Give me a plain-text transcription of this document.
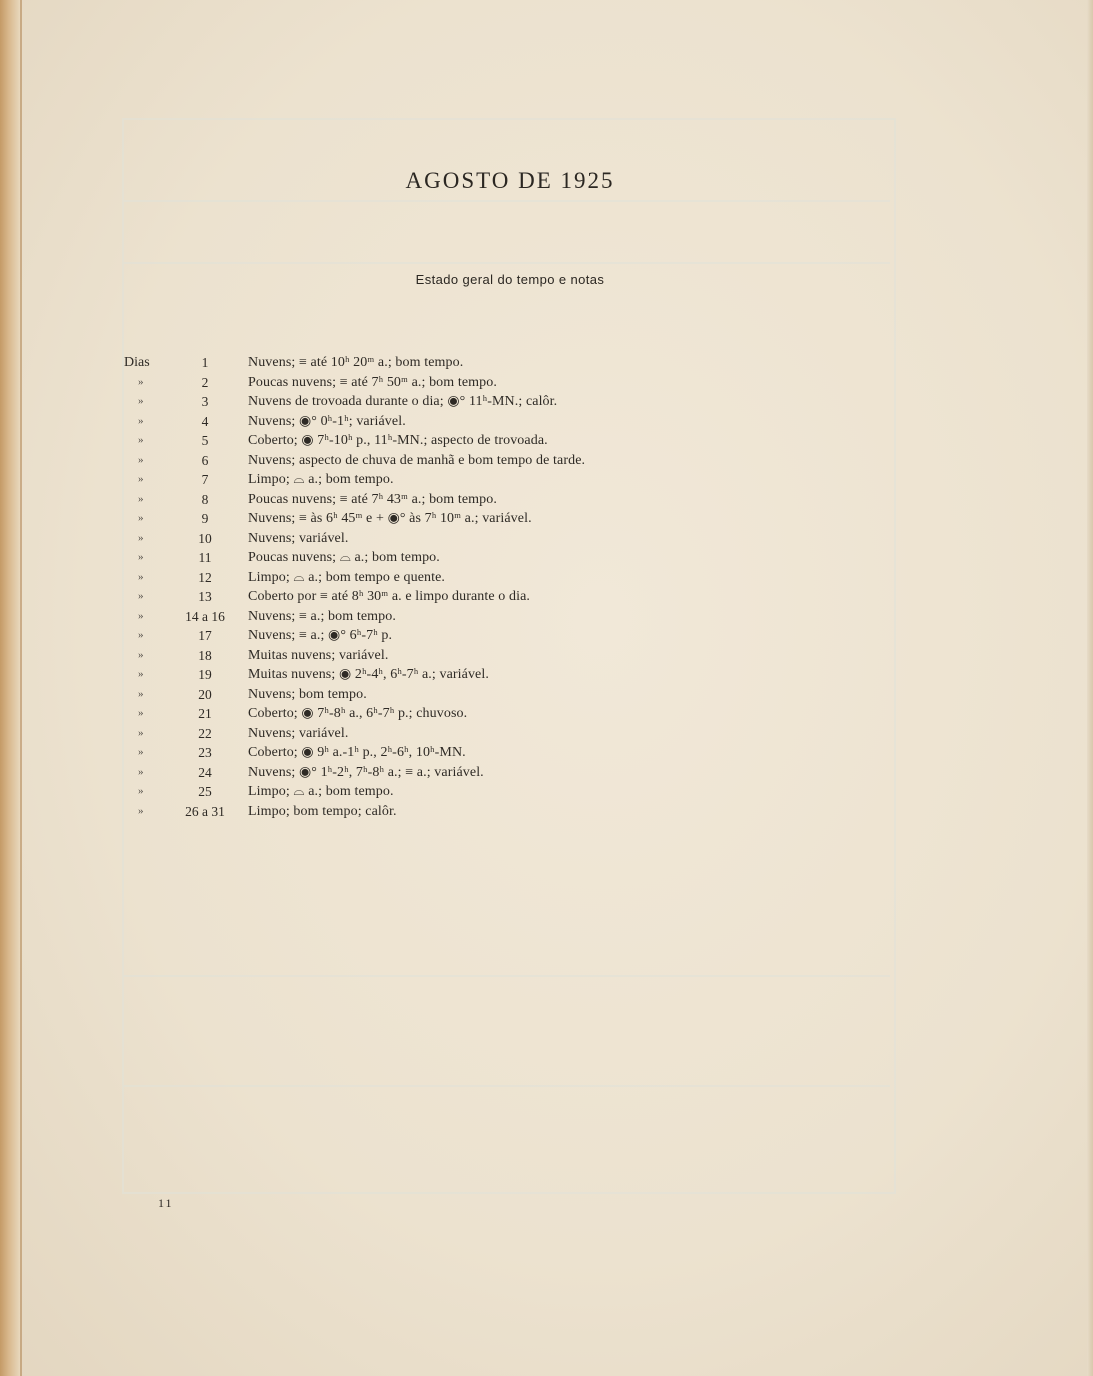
AGOSTO DE 1925
Estado geral do tempo e notas
Dias	1	Nuvens; ≡ até 10ʰ 20ᵐ a.; bom tempo.
»	2	Poucas nuvens; ≡ até 7ʰ 50ᵐ a.; bom tempo.
»	3	Nuvens de trovoada durante o dia; ◉° 11ʰ-MN.; calôr.
»	4	Nuvens; ◉° 0ʰ-1ʰ; variável.
»	5	Coberto; ◉ 7ʰ-10ʰ p., 11ʰ-MN.; aspecto de trovoada.
»	6	Nuvens; aspecto de chuva de manhã e bom tempo de tarde.
»	7	Limpo; ⌓ a.; bom tempo.
»	8	Poucas nuvens; ≡ até 7ʰ 43ᵐ a.; bom tempo.
»	9	Nuvens; ≡ às 6ʰ 45ᵐ e + ◉° às 7ʰ 10ᵐ a.; variável.
»	10	Nuvens; variável.
»	11	Poucas nuvens; ⌓ a.; bom tempo.
»	12	Limpo; ⌓ a.; bom tempo e quente.
»	13	Coberto por ≡ até 8ʰ 30ᵐ a. e limpo durante o dia.
»	14 a 16	Nuvens; ≡ a.; bom tempo.
»	17	Nuvens; ≡ a.; ◉° 6ʰ-7ʰ p.
»	18	Muitas nuvens; variável.
»	19	Muitas nuvens; ◉ 2ʰ-4ʰ, 6ʰ-7ʰ a.; variável.
»	20	Nuvens; bom tempo.
»	21	Coberto; ◉ 7ʰ-8ʰ a., 6ʰ-7ʰ p.; chuvoso.
»	22	Nuvens; variável.
»	23	Coberto; ◉ 9ʰ a.-1ʰ p., 2ʰ-6ʰ, 10ʰ-MN.
»	24	Nuvens; ◉° 1ʰ-2ʰ, 7ʰ-8ʰ a.; ≡ a.; variável.
»	25	Limpo; ⌓ a.; bom tempo.
»	26 a 31	Limpo; bom tempo; calôr.
11
